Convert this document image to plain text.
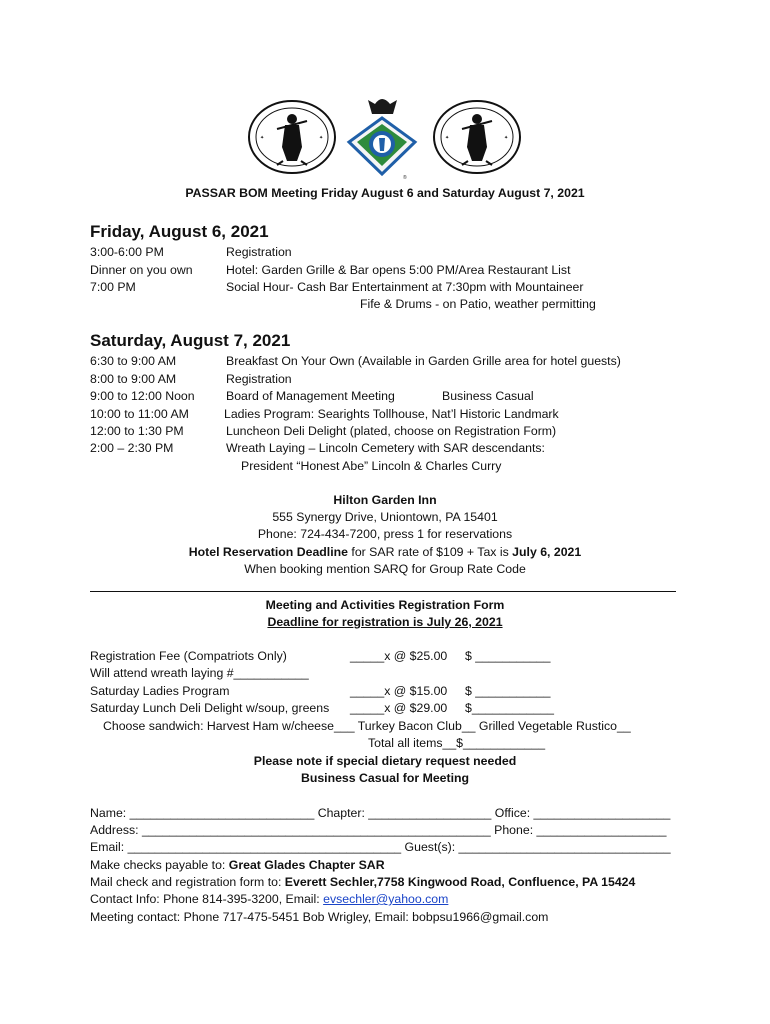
✦	✦
®
✦	✦
PASSAR BOM Meeting Friday August 6 and Saturday August 7, 2021
Friday, August 6, 2021
3:00-6:00 PM	Registration
Dinner on you own	Hotel: Garden Grille & Bar opens 5:00 PM/Area Restaurant List
7:00 PM	Social Hour- Cash Bar Entertainment at 7:30pm with Mountaineer
Fife & Drums - on Patio, weather permitting
Saturday, August 7, 2021
6:30 to 9:00 AM	Breakfast On Your Own (Available in Garden Grille area for hotel guests)
8:00 to 9:00 AM	Registration
9:00 to 12:00 Noon	Board of Management Meeting	Business Casual
10:00 to 11:00 AM	Ladies Program: Searights Tollhouse, Nat’l Historic Landmark
12:00 to 1:30 PM	Luncheon Deli Delight (plated, choose on Registration Form)
2:00 – 2:30 PM	Wreath Laying – Lincoln Cemetery with SAR descendants:
President “Honest Abe” Lincoln & Charles Curry
Hilton Garden Inn
555 Synergy Drive, Uniontown, PA 15401
Phone: 724-434-7200, press 1 for reservations
Hotel Reservation Deadline for SAR rate of $109 + Tax is July 6, 2021
When booking mention SARQ for Group Rate Code
Meeting and Activities Registration Form
Deadline for registration is July 26, 2021
Registration Fee (Compatriots Only)	_____x @ $25.00 $ ___________
Will attend wreath laying #___________
Saturday Ladies Program	_____x @ $15.00 $ ___________
Saturday Lunch Deli Delight w/soup, greens _____x @ $29.00 $____________
Choose sandwich: Harvest Ham w/cheese___ Turkey Bacon Club__ Grilled Vegetable Rustico__
Total all items__$____________
Please note if special dietary request needed
Business Casual for Meeting
Name: ___________________________ Chapter: __________________ Office: ____________________
Address: ___________________________________________________ Phone: ___________________
Email: ________________________________________ Guest(s): _______________________________
Make checks payable to: Great Glades Chapter SAR
Mail check and registration form to: Everett Sechler,7758 Kingwood Road, Confluence, PA 15424
Contact Info: Phone 814-395-3200, Email: evsechler@yahoo.com
Meeting contact: Phone 717-475-5451 Bob Wrigley, Email: bobpsu1966@gmail.com
